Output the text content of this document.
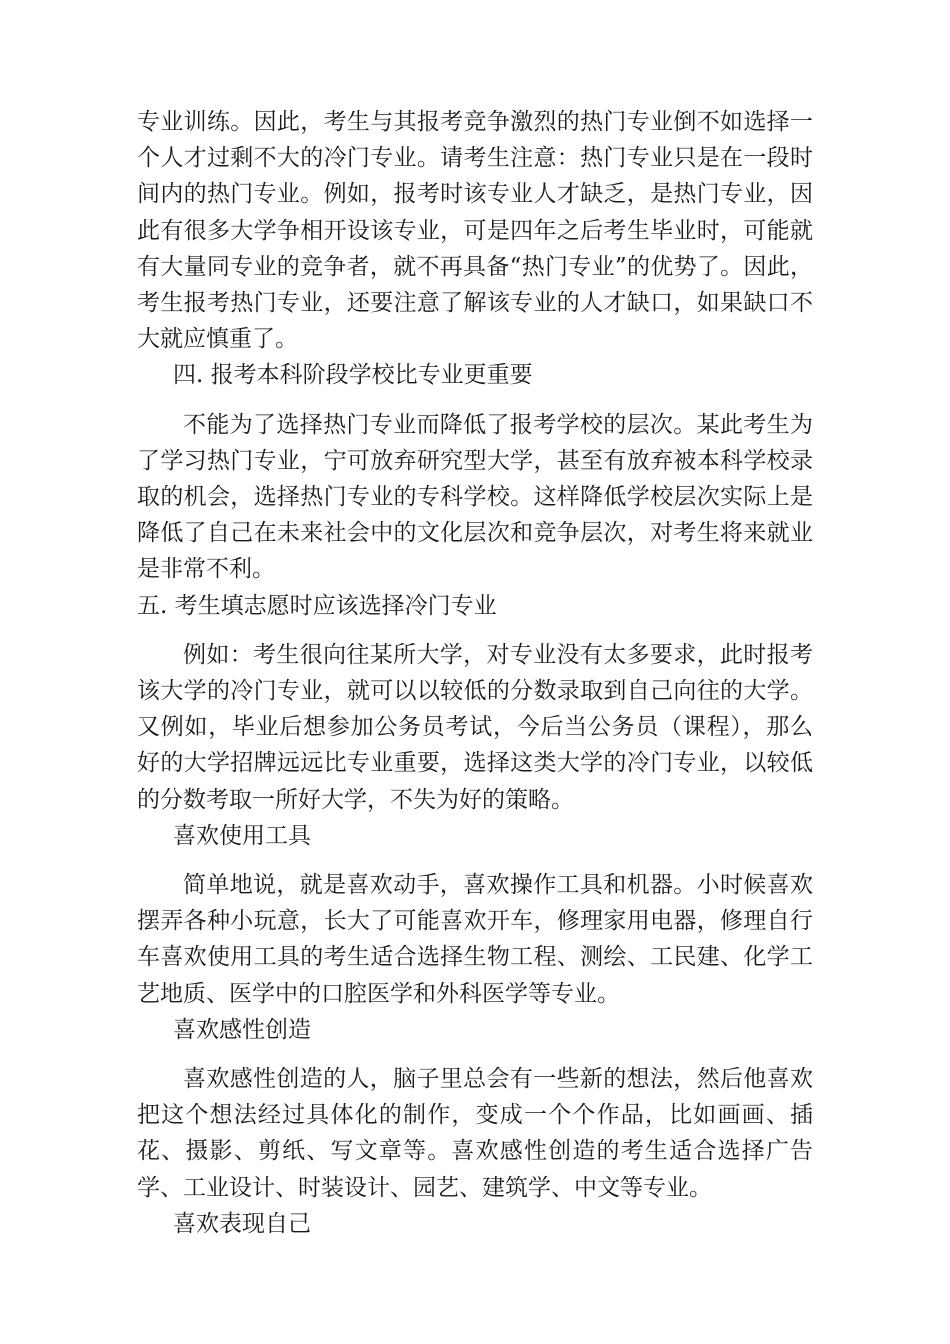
专业训练。因此，考生与其报考竞争激烈的热门专业倒不如选择一个人才过剩不大的冷门专业。请考生注意：热门专业只是在一段时间内的热门专业。例如，报考时该专业人才缺乏，是热门专业，因此有很多大学争相开设该专业，可是四年之后考生毕业时，可能就有大量同专业的竞争者，就不再具备“热门专业”的优势了。因此，考生报考热门专业，还要注意了解该专业的人才缺口，如果缺口不大就应慎重了。

四. 报考本科阶段学校比专业更重要

不能为了选择热门专业而降低了报考学校的层次。某此考生为了学习热门专业，宁可放弃研究型大学，甚至有放弃被本科学校录取的机会，选择热门专业的专科学校。这样降低学校层次实际上是降低了自己在未来社会中的文化层次和竞争层次，对考生将来就业是非常不利。

五. 考生填志愿时应该选择冷门专业

例如：考生很向往某所大学，对专业没有太多要求，此时报考该大学的冷门专业，就可以以较低的分数录取到自己向往的大学。又例如，毕业后想参加公务员考试，今后当公务员（课程），那么好的大学招牌远远比专业重要，选择这类大学的冷门专业，以较低的分数考取一所好大学，不失为好的策略。

喜欢使用工具

简单地说，就是喜欢动手，喜欢操作工具和机器。小时候喜欢摆弄各种小玩意，长大了可能喜欢开车，修理家用电器，修理自行车喜欢使用工具的考生适合选择生物工程、测绘、工民建、化学工艺地质、医学中的口腔医学和外科医学等专业。

喜欢感性创造

喜欢感性创造的人，脑子里总会有一些新的想法，然后他喜欢把这个想法经过具体化的制作，变成一个个作品，比如画画、插花、摄影、剪纸、写文章等。喜欢感性创造的考生适合选择广告学、工业设计、时装设计、园艺、建筑学、中文等专业。

喜欢表现自己
